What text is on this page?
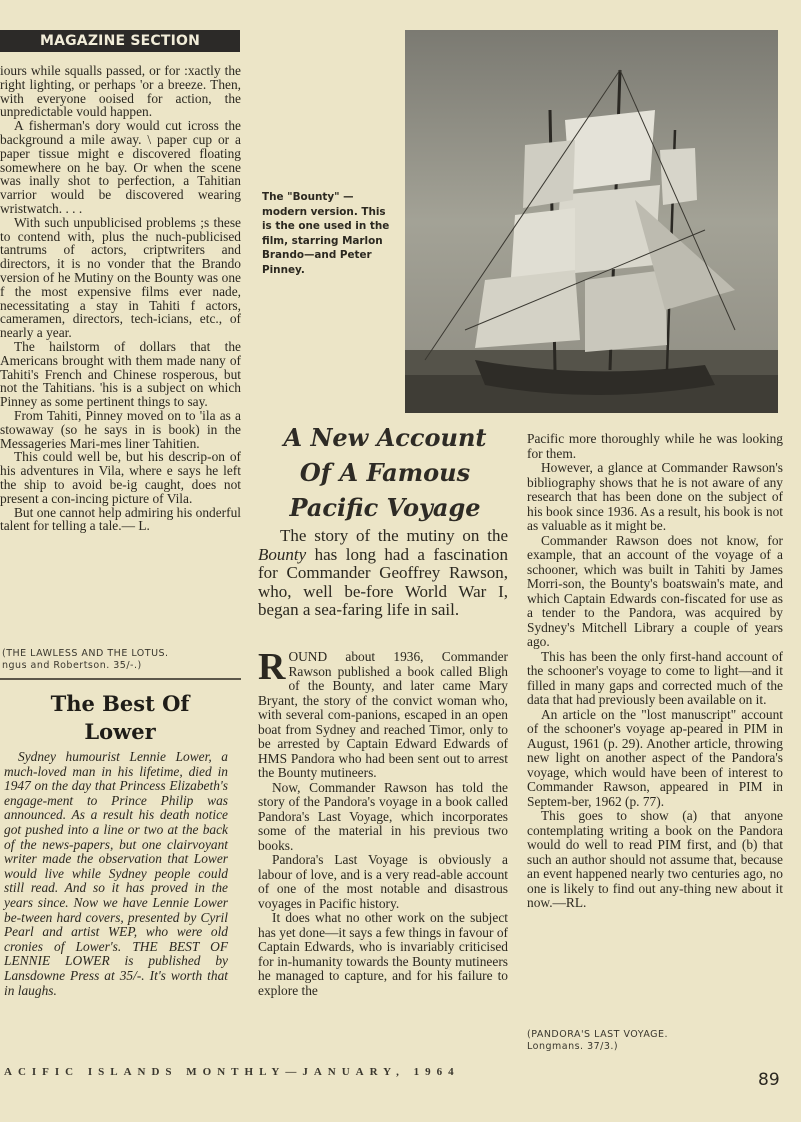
MAGAZINE SECTION

iours while squalls passed, or for :xactly the right lighting, or perhaps 'or a breeze. Then, with everyone ooised for action, the unpredictable vould happen.

A fisherman's dory would cut icross the background a mile away. \ paper cup or a paper tissue might e discovered floating somewhere on he bay. Or when the scene was inally shot to perfection, a Tahitian varrior would be discovered wearing wristwatch. . . .

With such unpublicised problems ;s these to contend with, plus the nuch-publicised tantrums of actors, criptwriters and directors, it is no vonder that the Brando version of he Mutiny on the Bounty was one f the most expensive films ever nade, necessitating a stay in Tahiti f actors, cameramen, directors, tech-icians, etc., of nearly a year.

The hailstorm of dollars that the Americans brought with them made nany of Tahiti's French and Chinese rosperous, but not the Tahitians. 'his is a subject on which Pinney as some pertinent things to say.

From Tahiti, Pinney moved on to 'ila as a stowaway (so he says in is book) in the Messageries Mari-mes liner Tahitien.

This could well be, but his descrip-on of his adventures in Vila, where e says he left the ship to avoid be-ig caught, does not present a con-incing picture of Vila.

But one cannot help admiring his onderful talent for telling a tale.— L.

(THE LAWLESS AND THE LOTUS.
ngus and Robertson. 35/-.)
The Best Of
Lower

Sydney humourist Lennie Lower, a much-loved man in his lifetime, died in 1947 on the day that Princess Elizabeth's engage-ment to Prince Philip was announced. As a result his death notice got pushed into a line or two at the back of the news-papers, but one clairvoyant writer made the observation that Lower would live while Sydney people could still read. And so it has proved in the years since. Now we have Lennie Lower be-tween hard covers, presented by Cyril Pearl and artist WEP, who were old cronies of Lower's. THE BEST OF LENNIE LOWER is published by Lansdowne Press at 35/-. It's worth that in laughs.

The "Bounty" — modern version. This is the one used in the film, starring Marlon Brando—and Peter Pinney.
A New Account
Of A Famous
Pacific Voyage
The story of the mutiny on the Bounty has long had a fascination for Commander Geoffrey Rawson, who, well be-fore World War I, began a sea-faring life in sail.

ROUND about 1936, Commander Rawson published a book called Bligh of the Bounty, and later came Mary Bryant, the story of the convict woman who, with several com-panions, escaped in an open boat from Sydney and reached Timor, only to be arrested by Captain Edward Edwards of HMS Pandora who had been sent out to arrest the Bounty mutineers.

Now, Commander Rawson has told the story of the Pandora's voyage in a book called Pandora's Last Voyage, which incorporates some of the material in his previous two books.

Pandora's Last Voyage is obviously a labour of love, and is a very read-able account of one of the most notable and disastrous voyages in Pacific history.

It does what no other work on the subject has yet done—it says a few things in favour of Captain Edwards, who is invariably criticised for in-humanity towards the Bounty mutineers he managed to capture, and for his failure to explore the

Pacific more thoroughly while he was looking for them.

However, a glance at Commander Rawson's bibliography shows that he is not aware of any research that has been done on the subject of his book since 1936. As a result, his book is not as valuable as it might be.

Commander Rawson does not know, for example, that an account of the voyage of a schooner, which was built in Tahiti by James Morri-son, the Bounty's boatswain's mate, and which Captain Edwards con-fiscated for use as a tender to the Pandora, was acquired by Sydney's Mitchell Library a couple of years ago.

This has been the only first-hand account of the schooner's voyage to come to light—and it filled in many gaps and corrected much of the data that had previously been available on it.

An article on the "lost manuscript" account of the schooner's voyage ap-peared in PIM in August, 1961 (p. 29). Another article, throwing new light on another aspect of the Pandora's voyage, which would have been of interest to Commander Rawson, appeared in PIM in Septem-ber, 1962 (p. 77).

This goes to show (a) that anyone contemplating writing a book on the Pandora would do well to read PIM first, and (b) that such an author should not assume that, because an event happened nearly two centuries ago, no one is likely to find out any-thing new about it now.—RL.

(PANDORA'S LAST VOYAGE.
Longmans. 37/3.)
ACIFIC ISLANDS MONTHLY—JANUARY, 1964	89
